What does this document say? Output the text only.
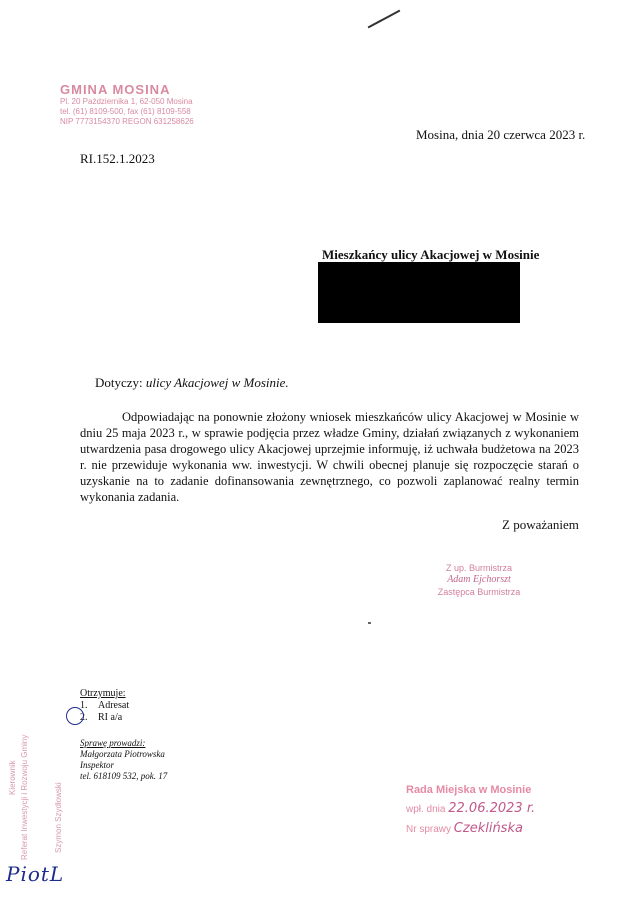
GMINA MOSINA
Pl. 20 Października 1, 62-050 Mosina
tel. (61) 8109-500, fax (61) 8109-558
NIP 7773154370 REGON 631258626
Mosina, dnia 20 czerwca 2023 r.
RI.152.1.2023
Mieszkańcy ulicy Akacjowej w Mosinie
Dotyczy: ulicy Akacjowej w Mosinie.
Odpowiadając na ponownie złożony wniosek mieszkańców ulicy Akacjowej w Mosinie w dniu 25 maja 2023 r., w sprawie podjęcia przez władze Gminy, działań związanych z wykonaniem utwardzenia pasa drogowego ulicy Akacjowej uprzejmie informuję, iż uchwała budżetowa na 2023 r. nie przewiduje wykonania ww. inwestycji. W chwili obecnej planuje się rozpoczęcie starań o uzyskanie na to zadanie dofinansowania zewnętrznego, co pozwoli zaplanować realny termin wykonania zadania.
Z poważaniem
Z up. Burmistrza
Adam Ejchorszt
Zastępca Burmistrza
Otrzymuje:
1. Adresat
2. RI a/a
Sprawę prowadzi:
Małgorzata Piotrowska
Inspektor
tel. 618109 532, pok. 17
Referat Inwestycji i Rozwoju Gminy	Szymon Szydłowski
Kierownik
PiotL
Rada Miejska w Mosinie
wpł. dnia 22.06.2023 r.
Nr sprawy Czeklińska
